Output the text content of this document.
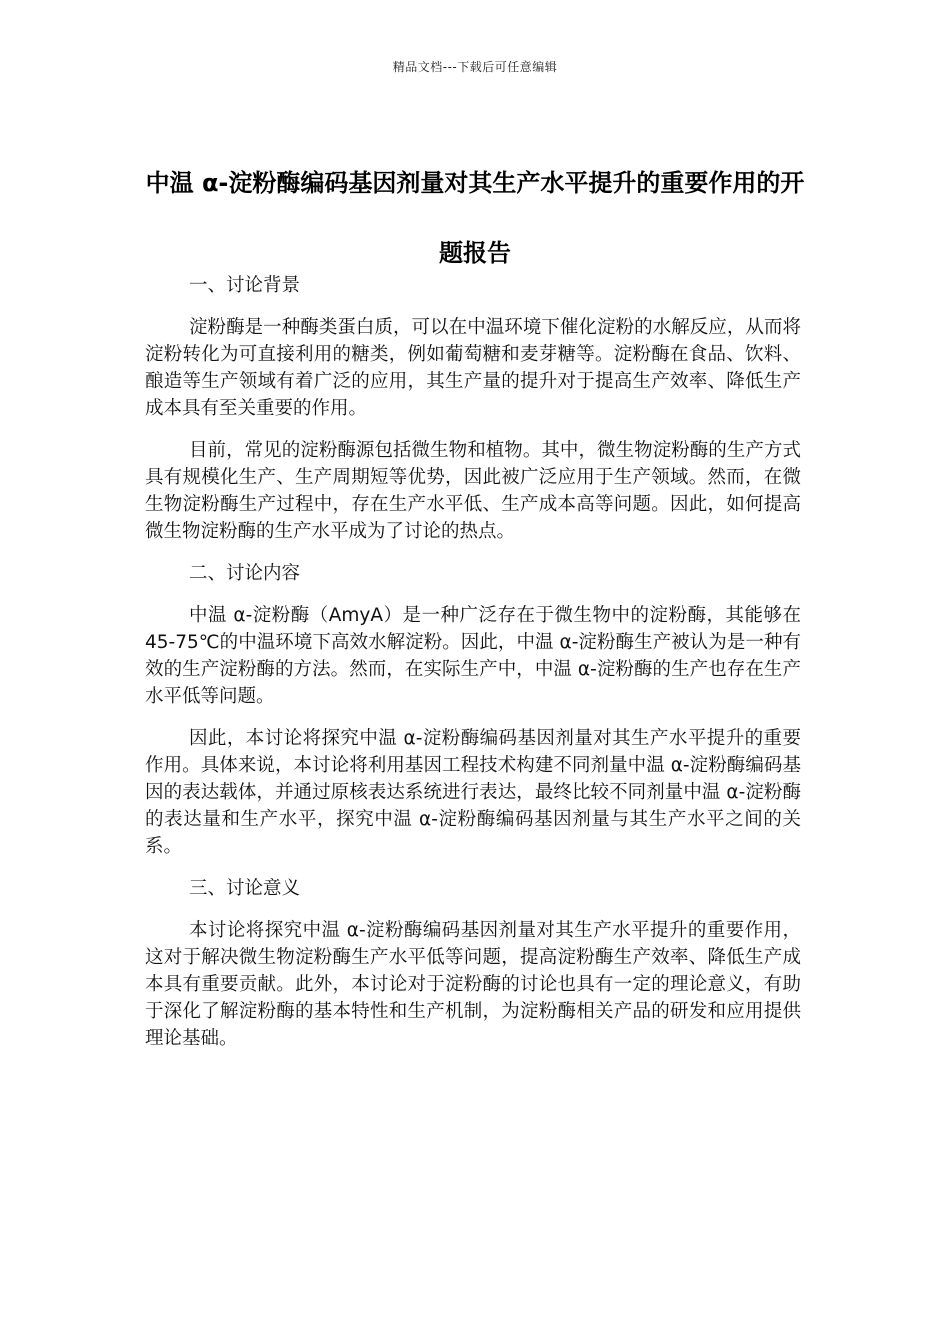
精品文档---下载后可任意编辑
中温 α-淀粉酶编码基因剂量对其生产水平提升的重要作用的开题报告

一、讨论背景

淀粉酶是一种酶类蛋白质，可以在中温环境下催化淀粉的水解反应，从而将淀粉转化为可直接利用的糖类，例如葡萄糖和麦芽糖等。淀粉酶在食品、饮料、酿造等生产领域有着广泛的应用，其生产量的提升对于提高生产效率、降低生产成本具有至关重要的作用。

目前，常见的淀粉酶源包括微生物和植物。其中，微生物淀粉酶的生产方式具有规模化生产、生产周期短等优势，因此被广泛应用于生产领域。然而，在微生物淀粉酶生产过程中，存在生产水平低、生产成本高等问题。因此，如何提高微生物淀粉酶的生产水平成为了讨论的热点。

二、讨论内容

中温 α-淀粉酶（AmyA）是一种广泛存在于微生物中的淀粉酶，其能够在 45-75℃的中温环境下高效水解淀粉。因此，中温 α-淀粉酶生产被认为是一种有效的生产淀粉酶的方法。然而，在实际生产中，中温 α-淀粉酶的生产也存在生产水平低等问题。

因此，本讨论将探究中温 α-淀粉酶编码基因剂量对其生产水平提升的重要作用。具体来说，本讨论将利用基因工程技术构建不同剂量中温 α-淀粉酶编码基因的表达载体，并通过原核表达系统进行表达，最终比较不同剂量中温 α-淀粉酶的表达量和生产水平，探究中温 α-淀粉酶编码基因剂量与其生产水平之间的关系。

三、讨论意义

本讨论将探究中温 α-淀粉酶编码基因剂量对其生产水平提升的重要作用，这对于解决微生物淀粉酶生产水平低等问题，提高淀粉酶生产效率、降低生产成本具有重要贡献。此外，本讨论对于淀粉酶的讨论也具有一定的理论意义，有助于深化了解淀粉酶的基本特性和生产机制，为淀粉酶相关产品的研发和应用提供理论基础。
